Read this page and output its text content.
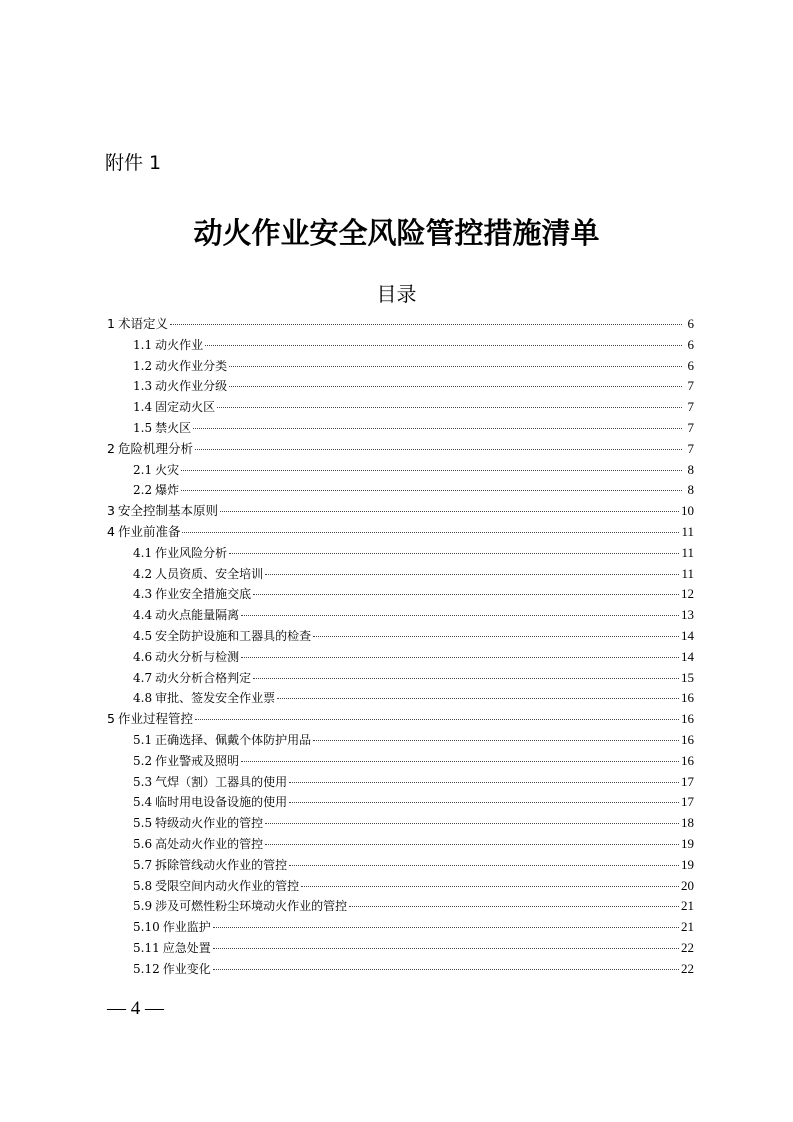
附件 1
动火作业安全风险管控措施清单
目录
1 术语定义	6
1.1 动火作业	6
1.2 动火作业分类	6
1.3 动火作业分级	7
1.4 固定动火区	7
1.5 禁火区	7
2 危险机理分析	7
2.1 火灾	8
2.2 爆炸	8
3 安全控制基本原则	10
4 作业前准备	11
4.1 作业风险分析	11
4.2 人员资质、安全培训	11
4.3 作业安全措施交底	12
4.4 动火点能量隔离	13
4.5 安全防护设施和工器具的检查	14
4.6 动火分析与检测	14
4.7 动火分析合格判定	15
4.8 审批、签发安全作业票	16
5 作业过程管控	16
5.1 正确选择、佩戴个体防护用品	16
5.2 作业警戒及照明	16
5.3 气焊（割）工器具的使用	17
5.4 临时用电设备设施的使用	17
5.5 特级动火作业的管控	18
5.6 高处动火作业的管控	19
5.7 拆除管线动火作业的管控	19
5.8 受限空间内动火作业的管控	20
5.9 涉及可燃性粉尘环境动火作业的管控	21
5.10 作业监护	21
5.11 应急处置	22
5.12 作业变化	22
— 4 —
